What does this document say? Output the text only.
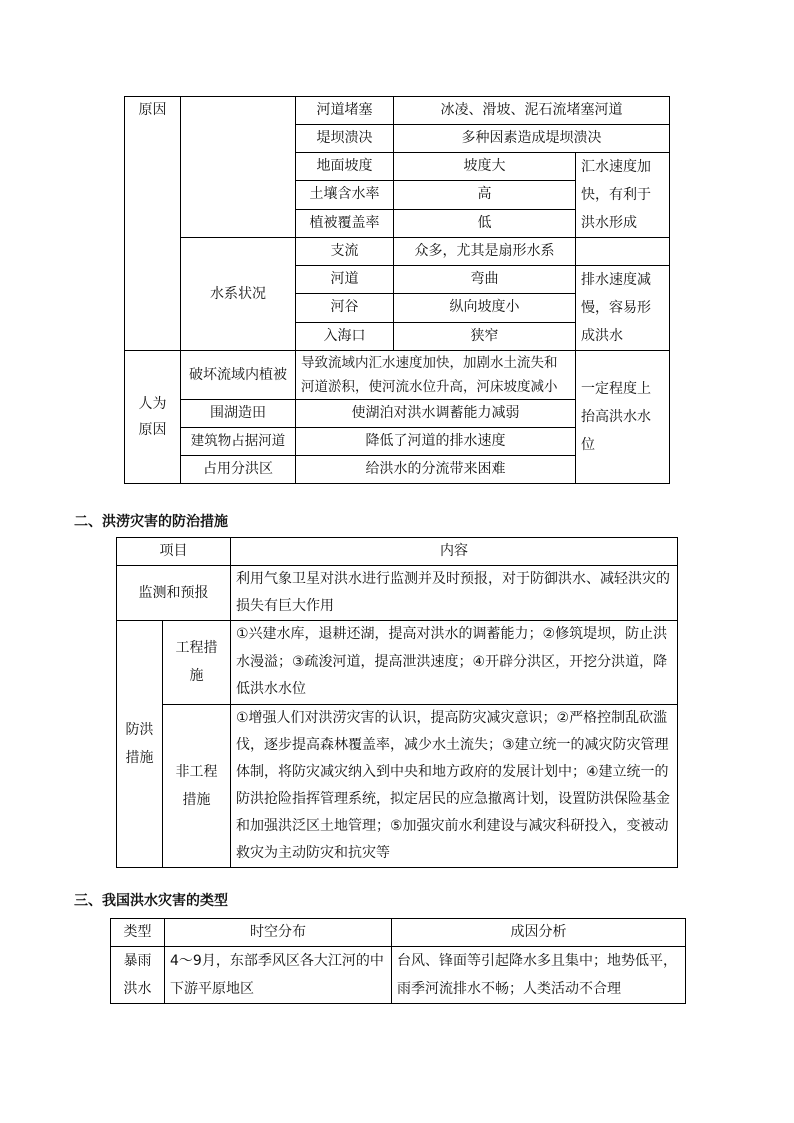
原因		河道堵塞	冰凌、滑坡、泥石流堵塞河道	
		堤坝溃决	多种因素造成堤坝溃决	
		地面坡度	坡度大	汇水速度加快，有利于洪水形成
		土壤含水率	高	
		植被覆盖率	低	
	水系状况	支流	众多，尤其是扇形水系	
		河道	弯曲	排水速度减慢，容易形成洪水
		河谷	纵向坡度小	
		入海口	狭窄	
人为原因	破坏流域内植被	导致流域内汇水速度加快，加剧水土流失和河道淤积，使河流水位升高，河床坡度减小		一定程度上抬高洪水水位
	围湖造田	使湖泊对洪水调蓄能力减弱		
	建筑物占据河道	降低了河道的排水速度		
	占用分洪区	给洪水的分流带来困难		

二、洪涝灾害的防治措施

项目		内容
监测和预报		利用气象卫星对洪水进行监测并及时预报，对于防御洪水、减轻洪灾的损失有巨大作用
防洪措施	工程措施	①兴建水库，退耕还湖，提高对洪水的调蓄能力；②修筑堤坝，防止洪水漫溢；③疏浚河道，提高泄洪速度；④开辟分洪区，开挖分洪道，降低洪水水位
	非工程措施	①增强人们对洪涝灾害的认识，提高防灾减灾意识；②严格控制乱砍滥伐，逐步提高森林覆盖率，减少水土流失；③建立统一的减灾防灾管理体制，将防灾减灾纳入到中央和地方政府的发展计划中；④建立统一的防洪抢险指挥管理系统，拟定居民的应急撤离计划，设置防洪保险基金和加强洪泛区土地管理；⑤加强灾前水利建设与减灾科研投入，变被动救灾为主动防灾和抗灾等

三、我国洪水灾害的类型

类型	时空分布	成因分析
暴雨洪水	4～9月，东部季风区各大江河的中下游平原地区	台风、锋面等引起降水多且集中；地势低平，雨季河流排水不畅；人类活动不合理
